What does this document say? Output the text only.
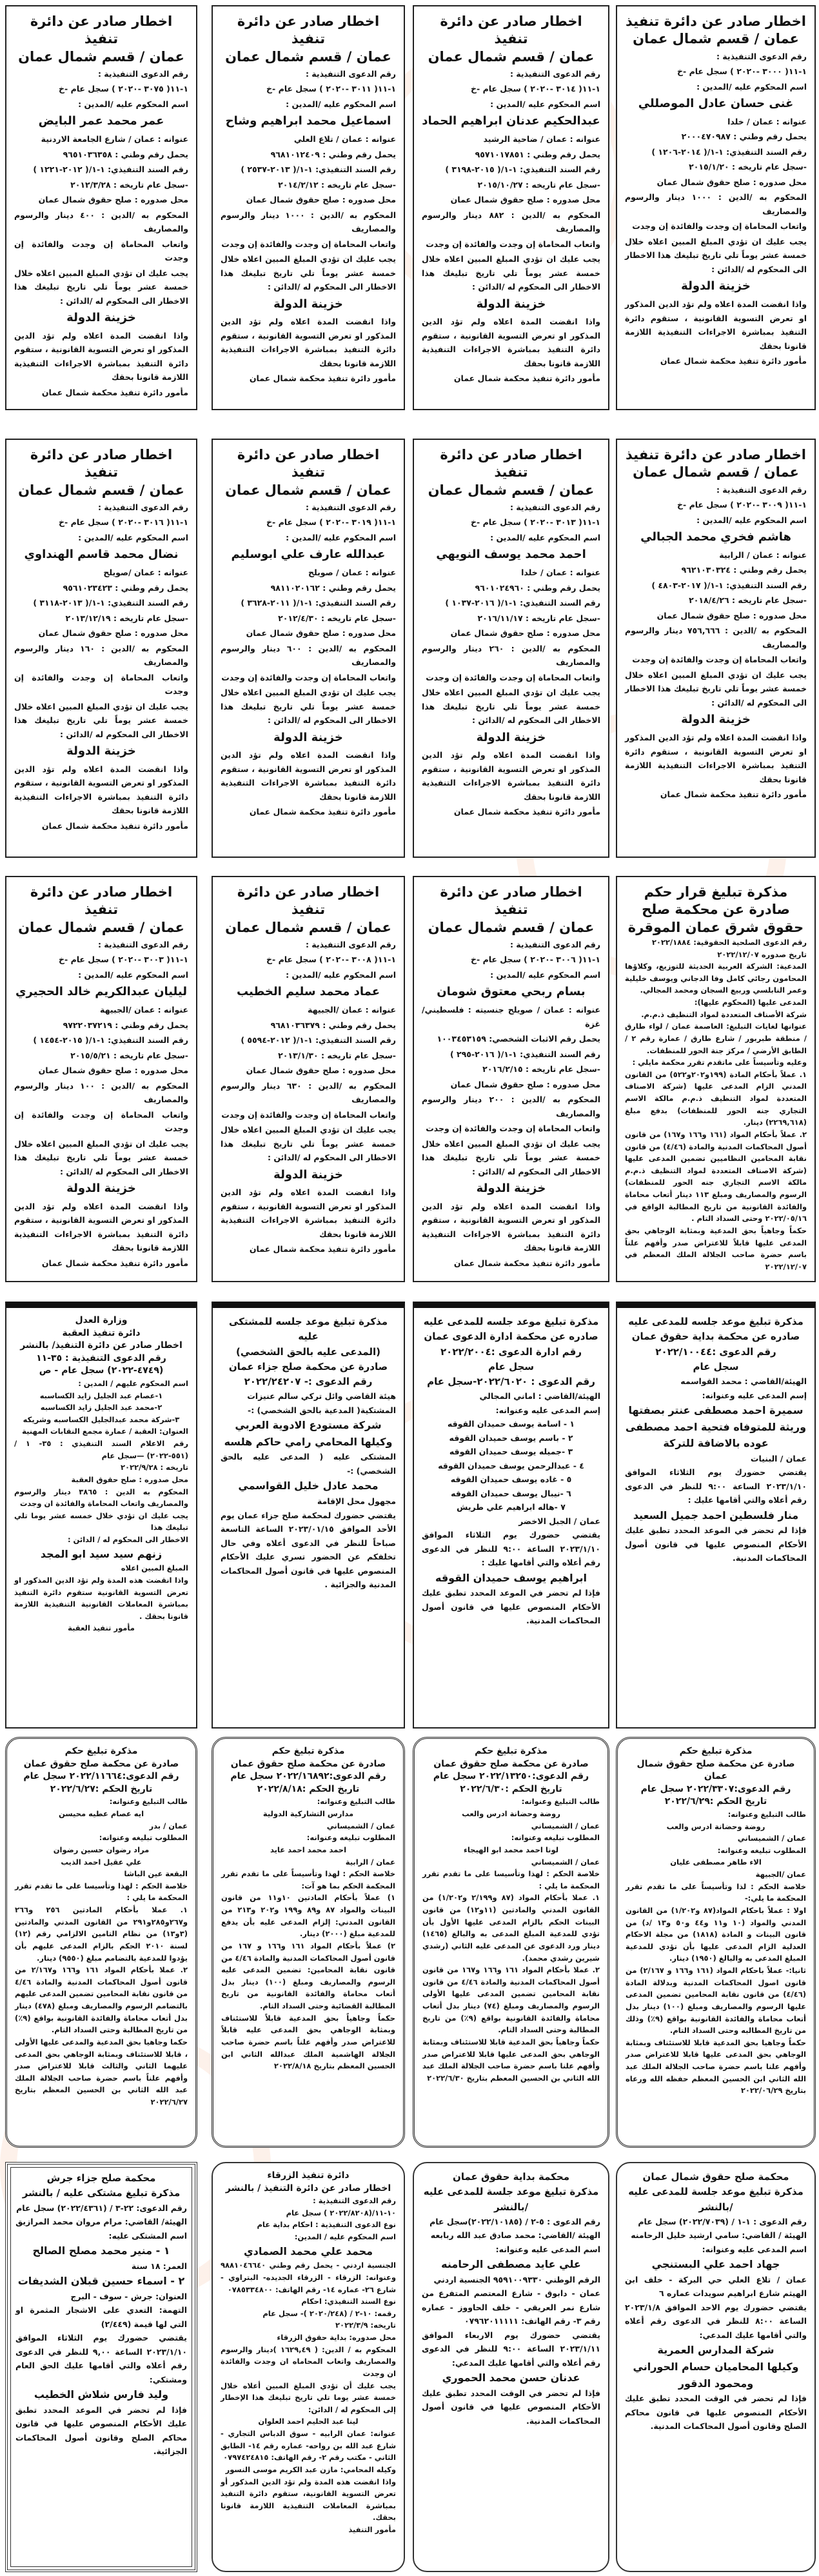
اخطار صادر عن دائرة تنفيذ

عمان / قسم شمال عمان

رقم الدعوى التنفيذية :

١-١١( ٣٠٠٠ -٢٠٢٠ ) سجل عام -خ

اسم المحكوم عليه /المدين :

غنى حسان عادل الموصللي

عنوانه : عمان / خلدا

يحمل رقم وطني : ٢٠٠٠٤٧٠٩٨٧

رقم السند التنفيذي: ١-١/( ٢٠١٤-١٢٠٦ )

-سجل عام تاريخه : ٢٠١٥/١/٢٠

محل صدوره : صلح حقوق شمال عمان

المحكوم به /الدين : ١٠٠٠ دينار والرسوم والمصاريف

واتعاب المحاماة إن وجدت والفائدة إن وجدت

يجب عليك ان تؤدي المبلغ المبين اعلاه خلال خمسة عشر يوماً تلي تاريخ تبليغك هذا الاخطار الى المحكوم له /الدائن :

خزينة الدولة

واذا انقضت المدة اعلاه ولم تؤد الدين المذكور او تعرض التسوية القانونية ، ستقوم دائرة التنفيذ بمباشرة الاجراءات التنفيذية اللازمة قانونا بحقك

مأمور دائرة تنفيذ محكمة شمال عمان

اخطار صادر عن دائرة تنفيذ

عمان / قسم شمال عمان

رقم الدعوى التنفيذية :

١-١١( ٣٠١٤ -٢٠٢٠ ) سجل عام -خ

اسم المحكوم عليه /المدين :

عبدالحكيم عدنان ابراهيم الحماد

عنوانه : عمان / ضاحية الرشيد

يحمل رقم وطني : ٩٥٧١٠١٧٨٥١

رقم السند التنفيذي: ١-١/( ٢٠١٥-٣١٩٨ )

-سجل عام تاريخه : ٢٠١٥/١٠/٢٧

محل صدوره : صلح حقوق شمال عمان

المحكوم به /الدين : ٨٨٢ دينار والرسوم والمصاريف

واتعاب المحاماة إن وجدت والفائدة إن وجدت

يجب عليك ان تؤدي المبلغ المبين اعلاه خلال خمسة عشر يوماً تلي تاريخ تبليغك هذا الاخطار الى المحكوم له /الدائن :

خزينة الدولة

واذا انقضت المدة اعلاه ولم تؤد الدين المذكور او تعرض التسوية القانونية ، ستقوم دائرة التنفيذ بمباشرة الاجراءات التنفيذية اللازمة قانونا بحقك

مأمور دائرة تنفيذ محكمة شمال عمان

اخطار صادر عن دائرة تنفيذ

عمان / قسم شمال عمان

رقم الدعوى التنفيذية :

١-١١( ٣٠١١ -٢٠٢٠ ) سجل عام -خ

اسم المحكوم عليه /المدين :

اسماعيل محمد ابراهيم وشاح

عنوانه : عمان / تلاع العلي

يحمل رقم وطني : ٩٦٨١٠١٢٤٠٩

رقم السند التنفيذي: ١-١/( ٢٠١٣-٢٥٣٧ )

-سجل عام تاريخه : ٢٠١٤/٢/١٢

محل صدوره : صلح حقوق شمال عمان

المحكوم به /الدين : ١٠٠٠ دينار والرسوم والمصاريف

واتعاب المحاماة إن وجدت والفائدة إن وجدت

يجب عليك ان تؤدي المبلغ المبين اعلاه خلال خمسة عشر يوماً تلي تاريخ تبليغك هذا الاخطار الى المحكوم له /الدائن :

خزينة الدولة

واذا انقضت المدة اعلاه ولم تؤد الدين المذكور او تعرض التسوية القانونية ، ستقوم دائرة التنفيذ بمباشرة الاجراءات التنفيذية اللازمة قانونا بحقك

مأمور دائرة تنفيذ محكمة شمال عمان

اخطار صادر عن دائرة تنفيذ

عمان / قسم شمال عمان

رقم الدعوى التنفيذية :

١-١١( ٣٠٧٥ -٢٠٢٠ ) سجل عام -خ

اسم المحكوم عليه /المدين :

عمر محمد عمر البايض

عنوانه : عمان / شارع الجامعة الاردنية

يحمل رقم وطني : ٩٦٥١٠٣٦٣٥٨

رقم السند التنفيذي: ١-١/( ٢٠١٢-١٢٢١ )

-سجل عام تاريخه : ٢٠١٢/٣/٢٨

محل صدوره : صلح حقوق شمال عمان

المحكوم به /الدين : ٤٠٠ دينار والرسوم والمصاريف

واتعاب المحاماة إن وجدت والفائدة إن وجدت

يجب عليك ان تؤدي المبلغ المبين اعلاه خلال خمسة عشر يوماً تلي تاريخ تبليغك هذا الاخطار الى المحكوم له /الدائن :

خزينة الدولة

واذا انقضت المدة اعلاه ولم تؤد الدين المذكور او تعرض التسوية القانونية ، ستقوم دائرة التنفيذ بمباشرة الاجراءات التنفيذية اللازمة قانونا بحقك

مأمور دائرة تنفيذ محكمة شمال عمان

اخطار صادر عن دائرة تنفيذ

عمان / قسم شمال عمان

رقم الدعوى التنفيذية :

١-١١( ٣٠٠٩ -٢٠٢٠ ) سجل عام -خ

اسم المحكوم عليه /المدين :

هاشم فخري محمد الجبالي

عنوانه : عمان / الرابية

يحمل رقم وطني : ٩٦٢١٠٣٠٣٢٤

رقم السند التنفيذي: ١-١/( ٢٠١٧-٤٨٠٣ )

-سجل عام تاريخه : ٢٠١٨/٤/٢٦

محل صدوره : صلح حقوق شمال عمان

المحكوم به /الدين : ٧٥٦,٦٦٦ دينار والرسوم والمصاريف

واتعاب المحاماة إن وجدت والفائدة إن وجدت

يجب عليك ان تؤدي المبلغ المبين اعلاه خلال خمسة عشر يوماً تلي تاريخ تبليغك هذا الاخطار الى المحكوم له /الدائن :

خزينة الدولة

واذا انقضت المدة اعلاه ولم تؤد الدين المذكور او تعرض التسوية القانونية ، ستقوم دائرة التنفيذ بمباشرة الاجراءات التنفيذية اللازمة قانونا بحقك

مأمور دائرة تنفيذ محكمة شمال عمان

اخطار صادر عن دائرة تنفيذ

عمان / قسم شمال عمان

رقم الدعوى التنفيذية :

١-١١( ٣٠١٣ -٢٠٢٠ ) سجل عام -خ

اسم المحكوم عليه /المدين :

احمد محمد يوسف النويهي

عنوانه : عمان / خلدا

يحمل رقم وطني : ٩٦٠١٠٢٤٩٦٠

رقم السند التنفيذي: ١-١/( ٢٠١٦-١٠٣٧ )

-سجل عام تاريخه : ٢٠١٦/١١/١٧

محل صدوره : صلح حقوق شمال عمان

المحكوم به /الدين : ٢٦٠ دينار والرسوم والمصاريف

واتعاب المحاماة إن وجدت والفائدة إن وجدت

يجب عليك ان تؤدي المبلغ المبين اعلاه خلال خمسة عشر يوماً تلي تاريخ تبليغك هذا الاخطار الى المحكوم له /الدائن :

خزينة الدولة

واذا انقضت المدة اعلاه ولم تؤد الدين المذكور او تعرض التسوية القانونية ، ستقوم دائرة التنفيذ بمباشرة الاجراءات التنفيذية اللازمة قانونا بحقك

مأمور دائرة تنفيذ محكمة شمال عمان

اخطار صادر عن دائرة تنفيذ

عمان / قسم شمال عمان

رقم الدعوى التنفيذية :

١-١١( ٣٠١٩ -٢٠٢٠ ) سجل عام -خ

اسم المحكوم عليه /المدين :

عبدالله عارف علي ابوسليم

عنوانه : عمان / صويلح

يحمل رقم وطني : ٩٨١١٠٢٠١٦٢

رقم السند التنفيذي: ١-١/( ٢٠١١-٣٦٢٨ )

-سجل عام تاريخه : ٢٠١٢/٤/٣٠

محل صدوره : صلح حقوق شمال عمان

المحكوم به /الدين : ٦٠٠ دينار والرسوم والمصاريف

واتعاب المحاماة إن وجدت والفائدة إن وجدت

يجب عليك ان تؤدي المبلغ المبين اعلاه خلال خمسة عشر يوماً تلي تاريخ تبليغك هذا الاخطار الى المحكوم له /الدائن :

خزينة الدولة

واذا انقضت المدة اعلاه ولم تؤد الدين المذكور او تعرض التسوية القانونية ، ستقوم دائرة التنفيذ بمباشرة الاجراءات التنفيذية اللازمة قانونا بحقك

مأمور دائرة تنفيذ محكمة شمال عمان

اخطار صادر عن دائرة تنفيذ

عمان / قسم شمال عمان

رقم الدعوى التنفيذية :

١-١١( ٣٠١٦ -٢٠٢٠ ) سجل عام -خ

اسم المحكوم عليه /المدين :

نضال محمد قاسم الهنداوي

عنوانه : عمان /صويلح

يحمل رقم وطني : ٩٥٦١٠٢٣٤٢٣

رقم السند التنفيذي: ١-١/( ٢٠١٣-٣١١٨ )

-سجل عام تاريخه : ٢٠١٣/١٢/١٩

محل صدوره : صلح حقوق شمال عمان

المحكوم به /الدين : ١٦٠ دينار والرسوم والمصاريف

واتعاب المحاماة إن وجدت والفائدة إن وجدت

يجب عليك ان تؤدي المبلغ المبين اعلاه خلال خمسة عشر يوماً تلي تاريخ تبليغك هذا الاخطار الى المحكوم له /الدائن :

خزينة الدولة

واذا انقضت المدة اعلاه ولم تؤد الدين المذكور او تعرض التسوية القانونية ، ستقوم دائرة التنفيذ بمباشرة الاجراءات التنفيذية اللازمة قانونا بحقك

مأمور دائرة تنفيذ محكمة شمال عمان

اخطار صادر عن دائرة تنفيذ

عمان / قسم شمال عمان

رقم الدعوى التنفيذية :

١-١١( ٣٠٠٦ -٢٠٢٠ ) سجل عام -خ

اسم المحكوم عليه /المدين :

بسام ربحي معتوق شومان

عنوانه : عمان / صويلح جنسيته : فلسطيني/غزة

يحمل رقم الاثبات الشخصي: ١٠٠٣٤٥٣١٥٩

رقم السند التنفيذي: ١-١/( ٢٠١٦-٢٩٥ )

-سجل عام تاريخه : ٢٠١٦/٢/١٥

محل صدوره : صلح حقوق شمال عمان

المحكوم به /الدين : ٢٠٠ دينار والرسوم والمصاريف

واتعاب المحاماة إن وجدت والفائدة إن وجدت

يجب عليك ان تؤدي المبلغ المبين اعلاه خلال خمسة عشر يوماً تلي تاريخ تبليغك هذا الاخطار الى المحكوم له /الدائن :

خزينة الدولة

واذا انقضت المدة اعلاه ولم تؤد الدين المذكور او تعرض التسوية القانونية ، ستقوم دائرة التنفيذ بمباشرة الاجراءات التنفيذية اللازمة قانونا بحقك

مأمور دائرة تنفيذ محكمة شمال عمان

اخطار صادر عن دائرة تنفيذ

عمان / قسم شمال عمان

رقم الدعوى التنفيذية :

١-١١( ٣٠٠٨ -٢٠٢٠ ) سجل عام -خ

اسم المحكوم عليه /المدين :

عماد محمد سليم الخطيب

عنوانه : عمان /الجبيهة

يحمل رقم وطني : ٩٦٨١٠٣٦٣٧٩

رقم السند التنفيذي: ١-١/( ٢٠١٢-٥٥٩٤ )

-سجل عام تاريخه : ٢٠١٣/١/٣٠

محل صدوره : صلح حقوق شمال عمان

المحكوم به /الدين : ٦٣٠ دينار والرسوم والمصاريف

واتعاب المحاماة إن وجدت والفائدة إن وجدت

يجب عليك ان تؤدي المبلغ المبين اعلاه خلال خمسة عشر يوماً تلي تاريخ تبليغك هذا الاخطار الى المحكوم له /الدائن :

خزينة الدولة

واذا انقضت المدة اعلاه ولم تؤد الدين المذكور او تعرض التسوية القانونية ، ستقوم دائرة التنفيذ بمباشرة الاجراءات التنفيذية اللازمة قانونا بحقك

مأمور دائرة تنفيذ محكمة شمال عمان

اخطار صادر عن دائرة تنفيذ

عمان / قسم شمال عمان

رقم الدعوى التنفيذية :

١-١١( ٣٠٠٣ -٢٠٢٠ ) سجل عام -خ

اسم المحكوم عليه /المدين :

ليليان عبدالكريم خالد الحجيري

عنوانه : عمان /الجبيهة

يحمل رقم وطني : ٩٧٢٢٠٣٧٢١٩

رقم السند التنفيذي: ١-١/( ٢٠١٥-١٤٥٤ )

-سجل عام تاريخه : ٢٠١٥/٥/٢١

محل صدوره : صلح حقوق شمال عمان

المحكوم به /الدين : ١٠٠ دينار والرسوم والمصاريف

واتعاب المحاماة إن وجدت والفائدة إن وجدت

يجب عليك ان تؤدي المبلغ المبين اعلاه خلال خمسة عشر يوماً تلي تاريخ تبليغك هذا الاخطار الى المحكوم له /الدائن :

خزينة الدولة

واذا انقضت المدة اعلاه ولم تؤد الدين المذكور او تعرض التسوية القانونية ، ستقوم دائرة التنفيذ بمباشرة الاجراءات التنفيذية اللازمة قانونا بحقك

مأمور دائرة تنفيذ محكمة شمال عمان

مذكرة تبليغ قرار حكم صادرة عن محكمة صلح حقوق شرق عمان الموقرة

رقم الدعوى الصلحية الحقوقية: ٢٠٢٢/١٨٨٤

تاريخ صدوره ٢٠٢٢/١٢/٠٧

المدعية: الشركة العربية الحديثة للتوزيع، وكلاؤها المحامون رجائي كامل وفا الدجاني ويوسف خليلية وعمر النابلسي وربيع السجان ومحمد المجالي.

المدعى عليها (المحكوم عليها):

شركة الأصناف المتعددة لمواد التنظيف ذ.م.م.

عنوانها لغايات التبليغ: العاصمة عمان / لواء طارق / منطقة طبربور / شارع طارق / عمارة رقم ٢ / الطابق الأرضي / مركز جنة الحور للمنظفات.

وعليه وتأسيساً على ماتقدم تقرر محكمة مايلي :

١. عملاً بأحكام المادة (١٩٩و٢٠٢و٥٢٢) من القانون المدني الزام المدعى عليها (شركة الاصناف المتعددة لمواد التنظيف ذ.م.م مالكة الاسم التجاري جنه الحور للمنظفات) بدفع مبلغ (٢٢٦٩,٦١٨) دينار.

٢. عملاً بأحكام المواد (١٦١ و١٦٦ و١٦٧) من قانون أصول المحاكمات المدنية والمادة (٤/٤٦) من قانون نقابة المحامين النظاميين تضمين المدعى عليها (شركة الاصناف المتعددة لمواد التنظيف ذ.م.م مالكة الاسم التجاري جنه الحور للمنظفات) الرسوم والمصاريف ومبلغ ١١٣ دينار أتعاب محاماة والفائدة القانونية من تاريخ المطالبة الواقع في ٢٠٢٢/٠٥/١٦ وحتى السداد التام .

حكماً وجاهياً بحق المدعية وبمثابة الوجاهي بحق المدعى عليها قابلاً للاعتراض صدر وأفهم علناً باسم حضرة صاحب الجلالة الملك المعظم في ٢٠٢٢/١٢/٠٧

مذكرة تبليغ موعد جلسه للمدعى عليه

صادره عن محكمة بداية حقوق عمان

رقم الدعوى :٢٠٢٢/١٠٠٤٤

سجل عام

الهيئة/القاضي : محمد القواسمه

إسم المدعى عليه وعنوانه:

سميرة احمد مصطفى عنتر بصفتها وريثة للمتوفاه فتحية احمد مصطفى عوده بالاضافة للتركة

عمان / البنيات

يقتضي حضورك يوم الثلاثاء الموافق ٢٠٢٣/١/١٠ الساعة ٩:٠٠ للنظر في الدعوى رقم أعلاه والتي أقامها عليك :

منار فلسطين احمد جميل السعيد

فإذا لم تحضر في الموعد المحدد تطبق عليك الأحكام المنصوص عليها في قانون أصول المحاكمات المدنية.

مذكرة تبليغ موعد جلسه للمدعى عليه صادره عن محكمة ادارة الدعوى عمان

رقم ادارة الدعوى :٢٠٢٢/٢٠٠٤

سجل عام

رقم الدعوى : ٢٠٢٢/٦٠٢٠-سجل عام

الهيئة/القاضي : اماني المجالي

إسم المدعى عليه وعنوانه:

١ - اسامة يوسف حميدان القوقه

٢ - باسم يوسف حميدان القوقه

٣ -جميله يوسف حميدان القوقه

٤ - عبدالرحمن يوسف حميدان القوقه

٥ - غاده يوسف حميدان القوقه

٦ -نيبال يوسف حميدان القوقه

٧ -هاله ابراهيم علي طريش

عمان / الجبل الاخضر

يقتضي حضورك يوم الثلاثاء الموافق ٢٠٢٣/١/١٠ الساعة ٩:٠٠ للنظر في الدعوى رقم أعلاه والتي أقامها عليك :

ابراهيم يوسف حميدان القوقه

فإذا لم تحضر في الموعد المحدد تطبق عليك الأحكام المنصوص عليها في قانون أصول المحاكمات المدنية.

مذكرة تبليغ موعد جلسه للمشتكى عليه

(المدعى عليه بالحق الشخصي)

صادرة عن محكمة صلح جزاء عمان

رقم الدعوى :- ٢٠٢٢/٢٤٢٠٧

هيئة القاضي وائل تركي سالم عنيزات

المشتكية( المدعية بالحق الشخصي) :-

شركة مستودع الادوية العربي

وكيلها المحامي رامي حاكم هلسه

المشتكى عليه ( المدعى عليه بالحق الشخصي) :-

محمد عادل خليل القواسمي

مجهول محل الإقامة

يقتضي حضورك لمحكمة صلح جزاء عمان يوم الأحد الموافق ٢٠٢٣/٠١/١٥ الساعة التاسعة صباحاً للنظر في الدعوى أعلاه وفي حال تخلفكم عن الحضور تسري عليك الأحكام المنصوص عليها في قانون أصول المحاكمات المدنية والجزائية .

وزارة العدل

دائرة تنفيذ العقبة

اخطار صادر عن دائرة التنفيذ/ بالنشر

رقم الدعوى التنفيذية : ٣٥-١١ (٤٧٤٩-٢٠٢٢) سجل عام - ص

اسم المحكوم عليهم / المدين :

١-عصام عبد الجليل زايد الكساسبه

٢-محمد عبد الجليل زايد الكساسبه

٣-شركة محمد عبدالجليل الكساسبه وشريكه

العنوان: العقبة / عمارة مجمع النقابات المهنية

رقم الاعلام السند التنفيذي : ٣٥- ١ / (٥٥١-٢٠٢٢) —سجل عام

تاريخه : ٢٠٢٢/٩/٢٨

محل صدوره : صلح حقوق العقبة

المحكوم به الدين : ٣٨٦٥ دينار والرسوم والمصاريف واتعاب المحاماة والفائدة ان وجدت

يجب عليك ان تؤدي خلال خمسه عشر يوما تلي تبليغك هذا

الاخطار الى المحكوم له / الدائن :

زنهم سيد سيد ابو المجد

المبلغ المبين اعلاه

واذا انقضت هذه المدة ولم تؤد الدين المذكور او تعرض التسوية القانونية ستقوم دائرة التنفيذ بمباشرة المعاملات القانونية التنفيذية اللازمة قانونا بحقك .

مأمور تنفيذ العقبة

مذكرة تبليغ حكم

صادرة عن محكمة صلح حقوق شمال عمان

رقم الدعوى:٢٠٢٢/٣٣٠٧ سجل عام

تاريخ الحكم :٢٠٢٢/٦/٢٩

طالب التبليغ وعنوانه:

روضة وحضانة ادرس والعب

عمان / الشميساني

المطلوب تبليغه وعنوانه:

الاء طاهر مصطفى عليان

عمان /الجبيهة

خلاصة الحكم : لذا وتأسيساً على ما تقدم تقرر المحكمة ما يلي:-

اولا : عملاً باحكام المواد(٨٧ و١/٢٠٢) من القانون المدني والمواد (١٠ و١١ و٤٤ و٥٠ و١٣ /د) من قانون البينات و المادة (١٨١٨) من مجلة الاحكام العدلية الزام المدعى عليها بأن تؤدي للمدعية المبلغ المدعى به والبالغ (١٩٥٠) دينار.

ثانيا:- عملاً باحكام المواد (١٦١ و١٦٦ و ٢/١٦٧) من قانون اصول المحاكمات المدنية وبدلالة المادة (٤/٤٦) من قانون نقابة المحامين تضمين المدعى عليها الرسوم والمصاريف ومبلغ (١٠٠) دينار بدل أتعاب محاماة والفائدة القانونية بواقع (٩٪) وذلك من تاريخ المطالبه وحتى السداد التام.

حكماً وجاهيا بحق المدعية قابلا للاستئناف وبمثابة الوجاهي بحق المدعى عليها قابلا للاعتراض صدر وأفهم علنا باسم حضرة صاحب الجلالة الملك عبد الله الثاني ابن الحسين المعظم حفظه الله ورعاه بتاريخ ٢٠٢٢/٠٦/٢٩

مذكرة تبليغ حكم

صادرة عن محكمة صلح حقوق عمان

رقم الدعوى:٢٠٢٢/١٣٢٥٠ سجل عام

تاريخ الحكم :٢٠٢٢/٦/٣٠

طالب التبليغ وعنوانه:

روضة وحضانة ادرس والعب

عمان / الشميساني

المطلوب تبليغه وعنوانه:

لونا احمد محمد ابو الهيجاء

عمان / الشميساني

خلاصة الحكم : لهذا وتأسيسا على ما تقدم تقرر المحكمة ما يلي :

١. عملا بأحكام المواد (٨٧ و٢/١٩٩ و١/٢٠٢) من القانون المدني والمادتين (١١و١٢) من قانون البينات الحكم بالزام المدعى عليها الأول بأن تؤدي للمدعية المبلغ المدعى به والبالغ (١٤٦٥) دينار ورد الدعوى عن المدعى عليه الثاني (رشدي شيرين رشدي محمد).

٢. عملا بأحكام المواد ١٦١ و١٦٦ و١٦٧ من قانون أصول المحاكمات المدنية والمادة ٤/٤٦ من قانون نقابة المحامين تضمين المدعى عليها الأولى الرسوم والمصاريف ومبلغ (٧٤) دينار بدل أتعاب محاماة والفائدة القانونية بواقع (٩٪) من تاريخ المطالبة وحتى السداد التام.

حكماً وجاهياً بحق المدعية قابلا للاستئناف وبمثابة الوجاهي بحق المدعى عليها قابلا للاعتراض صدر وأفهم علنا باسم حضرة صاحب الجلالة الملك عبد الله الثاني بن الحسين المعظم بتاريخ ٢٠٢٢/٦/٣٠

مذكرة تبليغ حكم

صادرة عن محكمة صلح حقوق عمان

رقم الدعوى:٢٠٢٢/١٦٨٩٢ سجل عام

تاريخ الحكم :٢٠٢٢/٨/١٨

طالب التبليغ وعنوانه:

مدارس التشاركية الدولية

عمان / الشميساني

المطلوب تبليغه وعنوانه:

احمد محمد احمد عايد

عمان / الرابية

خلاصة الحكم : لهذا وتأسيساً على ما تقدم تقرر المحكمة الحكم بما هو آت:

١) عملاً بأحكام المادتين ١٠و١١ من قانون البينات والمواد ٨٧ و٨٩ و١٩٩ و٢٠٢ و٢١٣ من القانون المدني: إلزام المدعى عليه بأن يدفع للمدعية مبلغ (٢٠٠٠) دينار.

٢) عملاً بأحكام المواد ١٦١ و١٦٦ و ١٦٧ من قانون أصول المحاكمات المدنية والمادة ٤/٤٦ من قانون نقابة المحامين: تضمين المدعى عليه الرسوم والمصاريف ومبلغ (١٠٠) دينار بدل أتعاب محاماة والفائدة القانونية من تاريخ المطالبة القضائية وحتى السداد التام.

حكماً وجاهياً بحق المدعية قابلاً للاستئناف وبمثابة الوجاهي بحق المدعى عليه قابلاً للاعتراض صدر وأفهم علناً باسم حضرة صاحب الجلالة الهاشمية الملك عبدالله الثاني ابن الحسين المعظم بتاريخ ٢٠٢٢/٨/١٨

مذكرة تبليغ حكم

صادرة عن محكمة صلح حقوق عمان

رقم الدعوى:٢٠٢٢/١١٦٦٤ سجل عام

تاريخ الحكم :٢٠٢٢/٦/٢٧

طالب التبليغ وعنوانه:

ايه عصام عطيه محيسن

عمان / بدر

المطلوب تبليغه وعنوانه:

مراد رضوان حسين رضوان

علي عقيل احمد الذيب

البقعة عين الباشا

خلاصة الحكم : لهذا وتأسيسا على ما تقدم تقرر المحكمة ما يلي :

١. عملا بأحكام المادتين ٢٥٦ و٢٦٦ و٢٦٧و٢٨٥و٢٩١ من القانون المدني والمادتين (٣و١٣) من نظام التامين الالزامي رقم (١٢) لسنة ٢٠١٠ الحكم بالزام المدعى عليهم بأن يؤدوا للمدعية بالتضامم مبلغ (٩٥٥٠) دينار.

٢. عملا بأحكام المواد ١٦١ و١٦٦ و٢/١٦٧ من قانون أصول المحاكمات المدنية والمادة ٤/٤٦ من قانون نقابة المحامين تضمين المدعى عليهم بالتضامم الرسوم والمصاريف ومبلغ (٤٧٨) دينار بدل أتعاب محاماة والفائدة القانونية بواقع (٩٪) من تاريخ المطالبة وحتى السداد التام.

حكما وجاهيا بحق المدعية والمدعى عليها الأولى ، قابلا للاستئناف وبمثابة الوجاهي بحق المدعى عليهما الثاني والثالث قابلا للاعتراض صدر وأفهم علناً باسم حضرة صاحب الجلالة الملك عبد الله الثاني بن الحسين المعظم بتاريخ ٢٠٢٢/٦/٢٧

محكمة صلح حقوق شمال عمان

مذكرة تبليغ موعد جلسة للمدعى عليه /بالنشر

رقم الدعوى : ١-١ / (٢٠٢٢/٧٠٣٩) سجل عام

الهيئة / القاضي: سامي ارشيد خليل الرحامنه

اسم المدعى عليه وعنوانه:

جهاد احمد علي البستنجي

عمان / تلاع العلي حي البركة - خلف ابن الهيثم شارع ابراهيم سويدات عماره ٦

يقتضي حضورك يوم الاحد الموافق ٢٠٢٣/١/٨ الساعة ٨:٠٠ للنظر في الدعوى رقم أعلاه والتي أقامها عليك المدعي:

شركة المدارس العمرية

وكيلها المحاميان حسام الحوراني ومحمود الدقور

فإذا لم تحضر في الوقت المحدد تطبق عليك الأحكام المنصوص عليها في قانون محاكم الصلح وقانون أصول المحاكمات المدنية.

محكمة بداية حقوق عمان

مذكرة تبليغ موعد جلسة للمدعى عليه /بالنشر

رقم الدعوى : ٥-٢ / (٢٠٢٢/١٠١٨٥)سجل عام

الهيئة /القاضي: محمد صادق عبد الله ربابعه

اسم المدعى عليه وعنوانه:

علي عايد مصطفى الرحامنه

الرقم الوطني ٩٥٩١٠٠٩٣٣٠ الجنسية اردني

عمان - دابوق - شارع المعتصم المتفرع من شارع نمر العريقي - خلف الحاووز - عماره رقم ٣- رقم الهاتف: ٠٧٩٦٢٠١١١١١

يقتضي حضورك يوم الاربعاء الموافق ٢٠٢٣/١/١١ الساعة ٩:٠٠ للنظر في الدعوى رقم أعلاه والتي أقامها عليك المدعي:

عدنان حسن محمد الحموري

فإذا لم تحضر في الوقت المحدد تطبق عليك الأحكام المنصوص عليها في قانون أصول المحاكمات المدنية.

دائرة تنفيذ الزرقاء

اخطار صادر عن دائرة التنفيذ / بالنشر

رقم الدعوى التنفيذية :

١٠-١١/(٢٠٢٢/٨٢٠٨ ) سجل عام

نوع الدعوى التنفيذية : احكام بداية عام

اسم المحكوم عليه / المدين:

محمد علي محمد الصمادي

الجنسية اردني - يحمل رقم وطني ٩٨٨١٠٤٦٦٤٠ وعنوانه: الزرقاء - الزرقاء الجديده- البتراوي - شارع ٢٦- عماره ١٤- رقم الهاتف: ٠٧٨٥٣٣٤٨٠٠

نوع السند التنفيذي: احكام

رقمه: ١٠-٢ / (٢٠٢٠/٢٤٨ )- سجل عام

تاريخه: ٢٠٢٢/٣/٩

محل صدوره: بداية حقوق الزرقاء

المحكوم به / الدين: ( ١٦٢٩,٤٩ )دينار والرسوم والمصاريف واتعاب المحاماه ان وجدت والفائدة ان وجدت

يجب عليك أن تؤدي المبلغ المبين أعلاه خلال خمسة عشر يوما تلي تاريخ تبليغك هذا الإخطار إلى المحكوم له / الدائن:

لينا عبد الحليم احمد العلوان

عنوانه: عمان الرابيه - سوق الدباس التجاري - شارع عبد الله بن رواحه- عماره رقم ١٤- الطابق الثاني - مكتب رقم ٢- رقم الهاتف: ٠٧٩٧٤٢٤٨١٥

وكيله المحامي: مازن عبد الكريم موسى النسور

واذا انقضت هذه المدة ولم تؤد الدين المذكور أو تعرض التسوية القانونية، ستقوم دائرة التنفيذ بمباشرة المعاملات التنفيذية اللازمة قانونا بحقك.

مأمور التنفيذ

محكمة صلح جزاء جرش

مذكرة تبليغ مشتكى عليه / بالنشر

رقم الدعوى: ٢٢-٣ / (٢٠٢٢/٤٣٦١) سجل عام

الهيئة/ القاضي: مرام مروان محمد المرازيق

اسم المشتكى عليه:

١ - منير محمد مصلح الصالح

العمر: ١٨ سنة

٢ - اسماء حسين قبلان الشديفات

العنوان: جرش - سوف - البرج

التهمة: التعدي على الاشجار المثمرة او التي لها قيمة (٢/٤٤٩)

يقتضي حضورك يوم الثلاثاء الموافق ٢٠٢٣/١/١٠ الساعة ٩,٠٠ للنظر في الدعوى رقم أعلاه والتي أقامها عليك الحق العام ومشتكي:

وليد فارس شلاش الخطيب

فإذا لم تحضر في الموعد المحدد تطبق عليك الأحكام المنصوص عليها في قانون محاكم الصلح وقانون أصول المحاكمات الجزائية.
